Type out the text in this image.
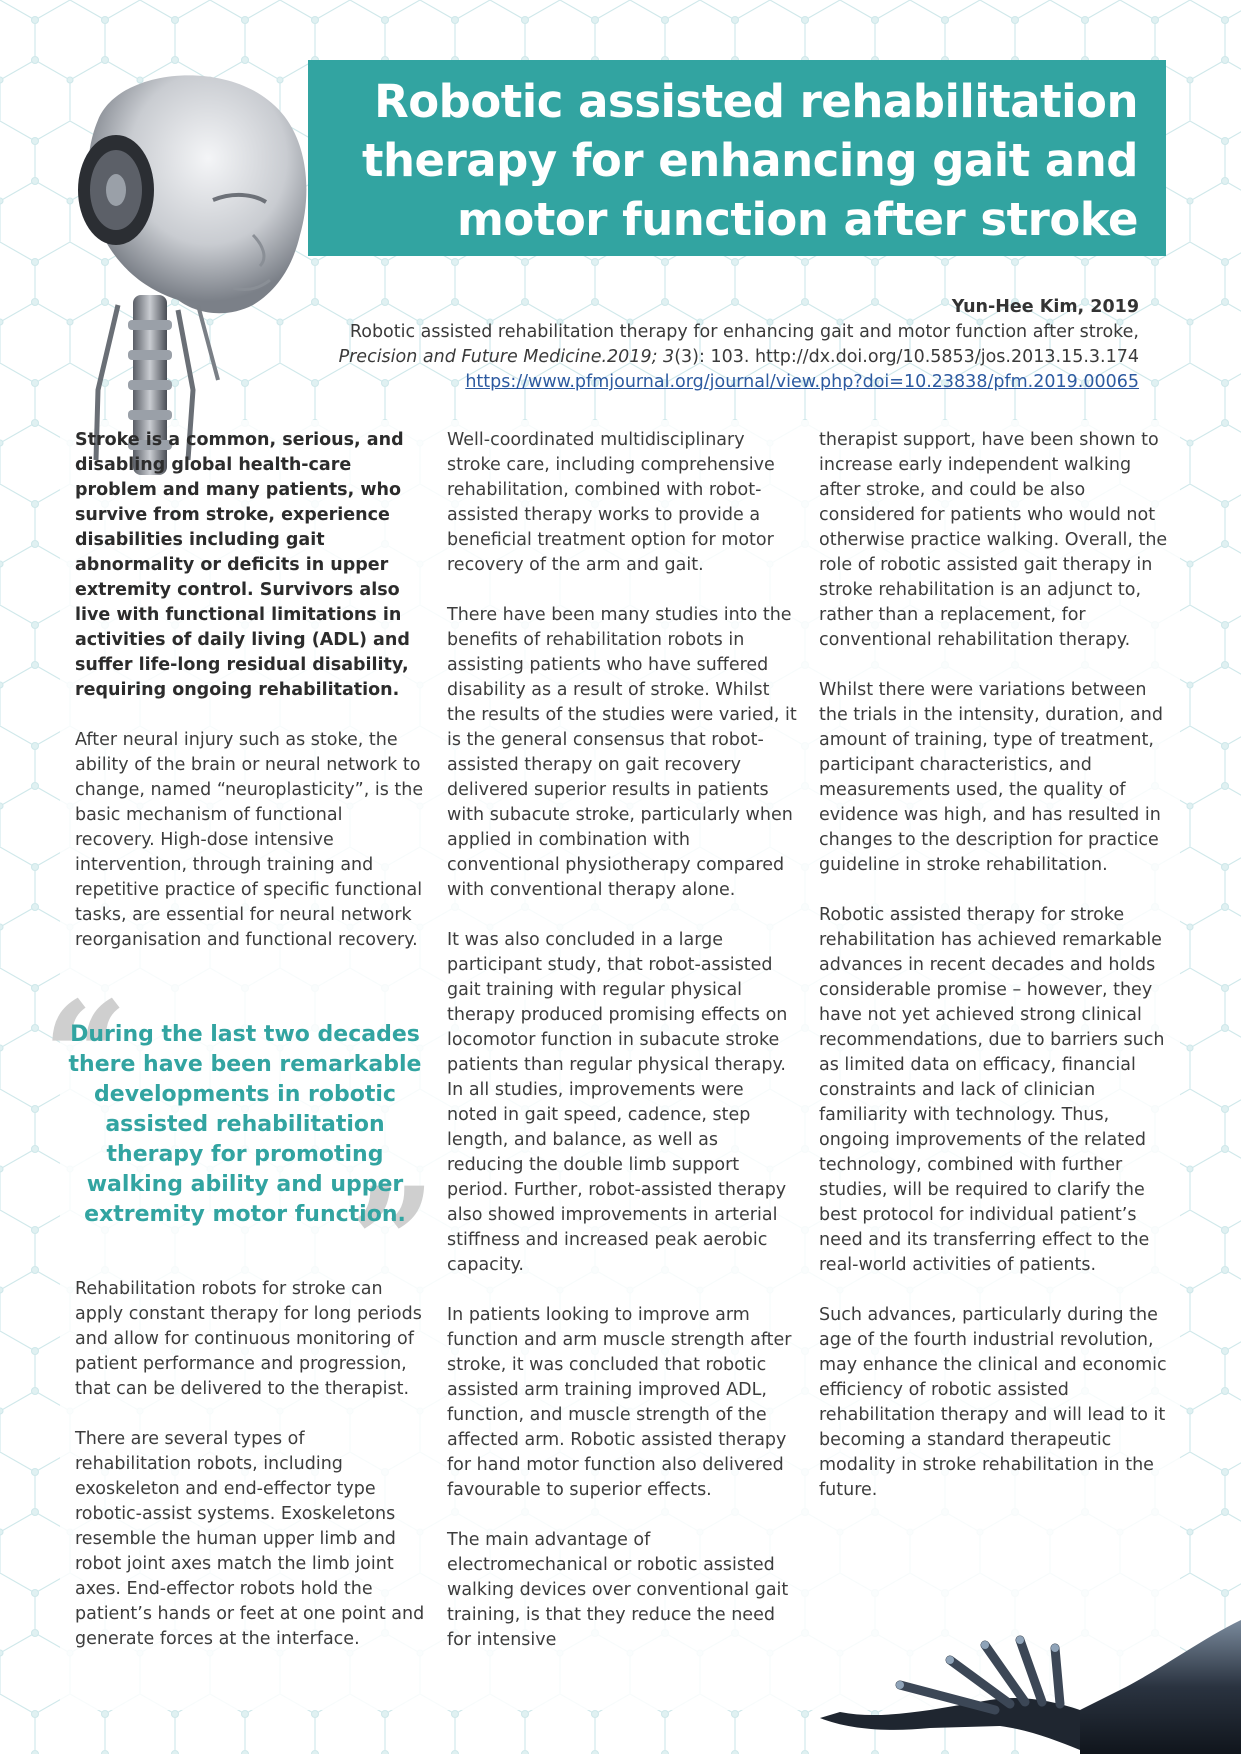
Robotic assisted rehabilitation therapy for enhancing gait and motor function after stroke
Yun-Hee Kim, 2019
Robotic assisted rehabilitation therapy for enhancing gait and motor function after stroke,
Precision and Future Medicine.2019; 3(3): 103. http://dx.doi.org/10.5853/jos.2013.15.3.174
https://www.pfmjournal.org/journal/view.php?doi=10.23838/pfm.2019.00065

Stroke is a common, serious, and disabling global health-care problem and many patients, who survive from stroke, experience disabilities including gait abnormality or deficits in upper extremity control. Survivors also live with functional limitations in activities of daily living (ADL) and suffer life-long residual disability, requiring ongoing rehabilitation.

After neural injury such as stoke, the ability of the brain or neural network to change, named “neuroplasticity”, is the basic mechanism of functional recovery. High-dose intensive intervention, through training and repetitive practice of specific functional tasks, are essential for neural network reorganisation and functional recovery.

“

During the last two decades there have been remarkable developments in robotic assisted rehabilitation therapy for promoting walking ability and upper extremity motor function.

”

Rehabilitation robots for stroke can apply constant therapy for long periods and allow for continuous monitoring of patient performance and progression, that can be delivered to the therapist.

There are several types of rehabilitation robots, including exoskeleton and end-effector type robotic-assist systems. Exoskeletons resemble the human upper limb and robot joint axes match the limb joint axes. End-effector robots hold the patient’s hands or feet at one point and generate forces at the interface.

Well-coordinated multidisciplinary stroke care, including comprehensive rehabilitation, combined with robot-assisted therapy works to provide a beneficial treatment option for motor recovery of the arm and gait.

There have been many studies into the benefits of rehabilitation robots in assisting patients who have suffered disability as a result of stroke. Whilst the results of the studies were varied, it is the general consensus that robot-assisted therapy on gait recovery delivered superior results in patients with subacute stroke, particularly when applied in combination with conventional physiotherapy compared with conventional therapy alone.

It was also concluded in a large participant study, that robot-assisted gait training with regular physical therapy produced promising effects on locomotor function in subacute stroke patients than regular physical therapy. In all studies, improvements were noted in gait speed, cadence, step length, and balance, as well as reducing the double limb support period. Further, robot-assisted therapy also showed improvements in arterial stiffness and increased peak aerobic capacity.

In patients looking to improve arm function and arm muscle strength after stroke, it was concluded that robotic assisted arm training improved ADL, function, and muscle strength of the affected arm. Robotic assisted therapy for hand motor function also delivered favourable to superior effects.

The main advantage of electromechanical or robotic assisted walking devices over conventional gait training, is that they reduce the need for intensive

therapist support, have been shown to increase early independent walking after stroke, and could be also considered for patients who would not otherwise practice walking. Overall, the role of robotic assisted gait therapy in stroke rehabilitation is an adjunct to, rather than a replacement, for conventional rehabilitation therapy.

Whilst there were variations between the trials in the intensity, duration, and amount of training, type of treatment, participant characteristics, and measurements used, the quality of evidence was high, and has resulted in changes to the description for practice guideline in stroke rehabilitation.

Robotic assisted therapy for stroke rehabilitation has achieved remarkable advances in recent decades and holds considerable promise – however, they have not yet achieved strong clinical recommendations, due to barriers such as limited data on efficacy, financial constraints and lack of clinician familiarity with technology. Thus, ongoing improvements of the related technology, combined with further studies, will be required to clarify the best protocol for individual patient’s need and its transferring effect to the real-world activities of patients.

Such advances, particularly during the age of the fourth industrial revolution, may enhance the clinical and economic efficiency of robotic assisted rehabilitation therapy and will lead to it becoming a standard therapeutic modality in stroke rehabilitation in the future.
